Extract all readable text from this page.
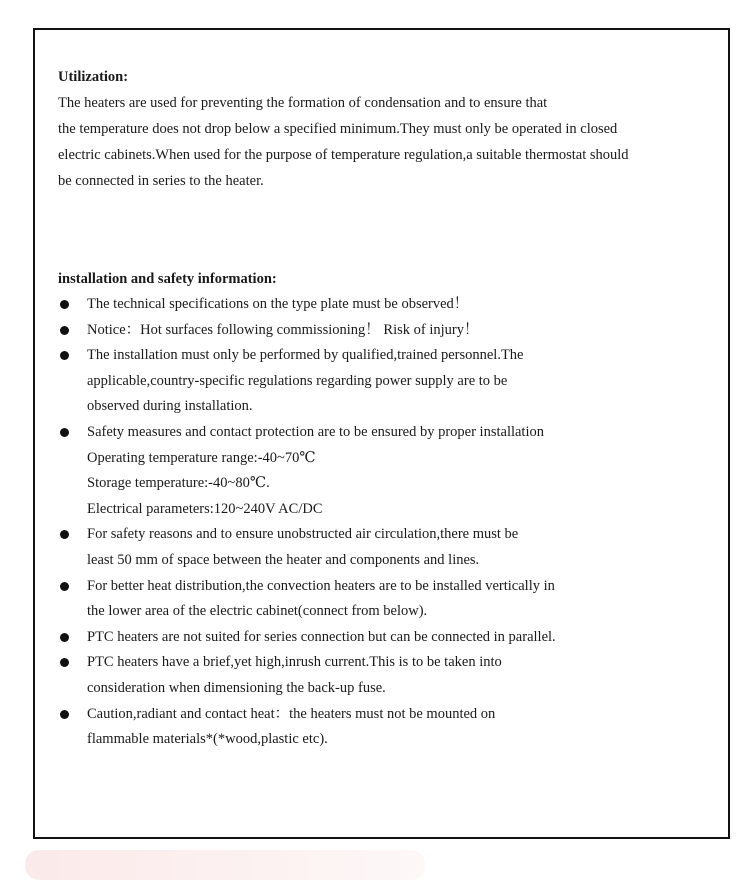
Utilization:

The heaters are used for preventing the formation of condensation and to ensure that
the temperature does not drop below a specified minimum.They must only be operated in closed
electric cabinets.When used for the purpose of temperature regulation,a suitable thermostat should
be connected in series to the heater.

installation and safety information:

The technical specifications on the type plate must be observed！
Notice：Hot surfaces following commissioning！ Risk of injury！
The installation must only be performed by qualified,trained personnel.The
applicable,country-specific regulations regarding power supply are to be
observed during installation.
Safety measures and contact protection are to be ensured by proper installation
Operating temperature range:-40~70℃
Storage temperature:-40~80℃.
Electrical parameters:120~240V AC/DC
For safety reasons and to ensure unobstructed air circulation,there must be
least 50 mm of space between the heater and components and lines.
For better heat distribution,the convection heaters are to be installed vertically in
the lower area of the electric cabinet(connect from below).
PTC heaters are not suited for series connection but can be connected in parallel.
PTC heaters have a brief,yet high,inrush current.This is to be taken into
consideration when dimensioning the back-up fuse.
Caution,radiant and contact heat：the heaters must not be mounted on
flammable materials*(*wood,plastic etc).
